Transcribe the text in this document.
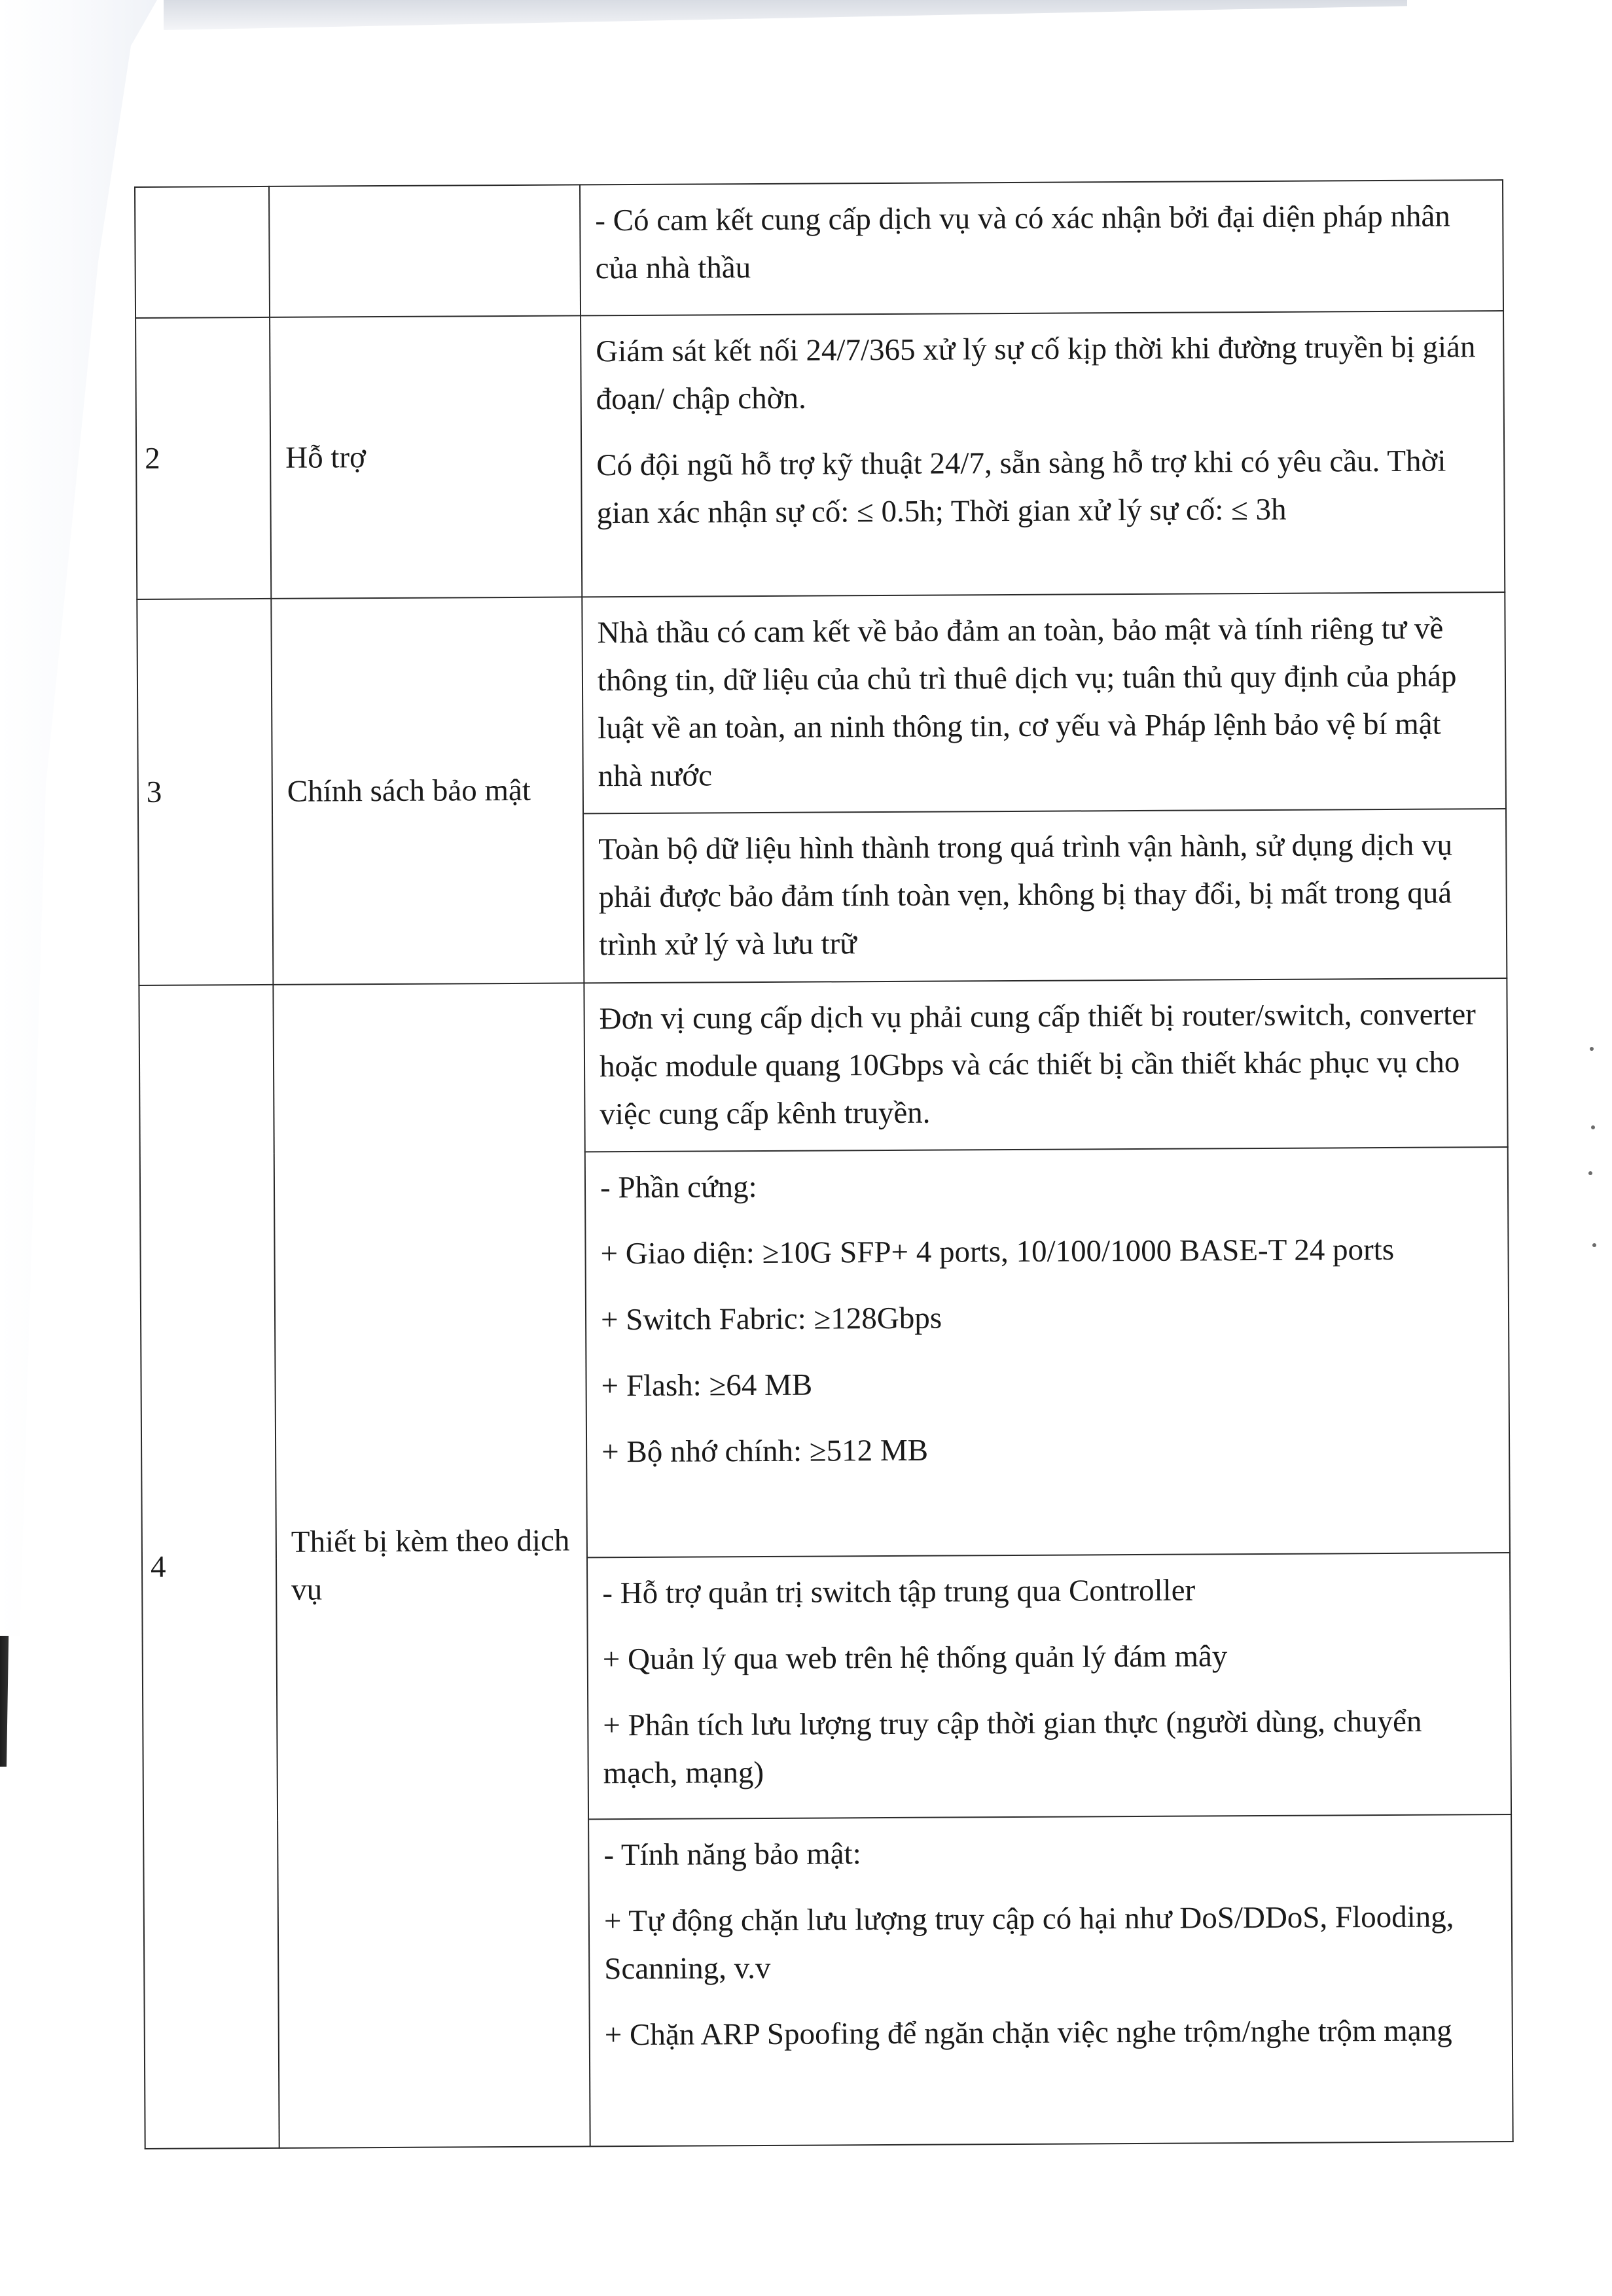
		- Có cam kết cung cấp dịch vụ và có xác nhận bởi đại diện pháp nhân của nhà thầu

2	Hỗ trợ	Giám sát kết nối 24/7/365 xử lý sự cố kịp thời khi đường truyền bị gián đoạn/ chập chờn.

Có đội ngũ hỗ trợ kỹ thuật 24/7, sẵn sàng hỗ trợ khi có yêu cầu. Thời gian xác nhận sự cố: ≤ 0.5h; Thời gian xử lý sự cố: ≤ 3h

3	Chính sách bảo mật	Nhà thầu có cam kết về bảo đảm an toàn, bảo mật và tính riêng tư về thông tin, dữ liệu của chủ trì thuê dịch vụ; tuân thủ quy định của pháp luật về an toàn, an ninh thông tin, cơ yếu và Pháp lệnh bảo vệ bí mật nhà nước

		Toàn bộ dữ liệu hình thành trong quá trình vận hành, sử dụng dịch vụ phải được bảo đảm tính toàn vẹn, không bị thay đổi, bị mất trong quá trình xử lý và lưu trữ

4	Thiết bị kèm theo dịch vụ	Đơn vị cung cấp dịch vụ phải cung cấp thiết bị router/switch, converter hoặc module quang 10Gbps và các thiết bị cần thiết khác phục vụ cho việc cung cấp kênh truyền.

		- Phần cứng:

+ Giao diện: ≥10G SFP+ 4 ports, 10/100/1000 BASE-T 24 ports

+ Switch Fabric: ≥128Gbps

+ Flash: ≥64 MB

+ Bộ nhớ chính: ≥512 MB

		- Hỗ trợ quản trị switch tập trung qua Controller

+ Quản lý qua web trên hệ thống quản lý đám mây

+ Phân tích lưu lượng truy cập thời gian thực (người dùng, chuyển mạch, mạng)

		- Tính năng bảo mật:

+ Tự động chặn lưu lượng truy cập có hại như DoS/DDoS, Flooding, Scanning, v.v

+ Chặn ARP Spoofing để ngăn chặn việc nghe trộm/nghe trộm mạng
